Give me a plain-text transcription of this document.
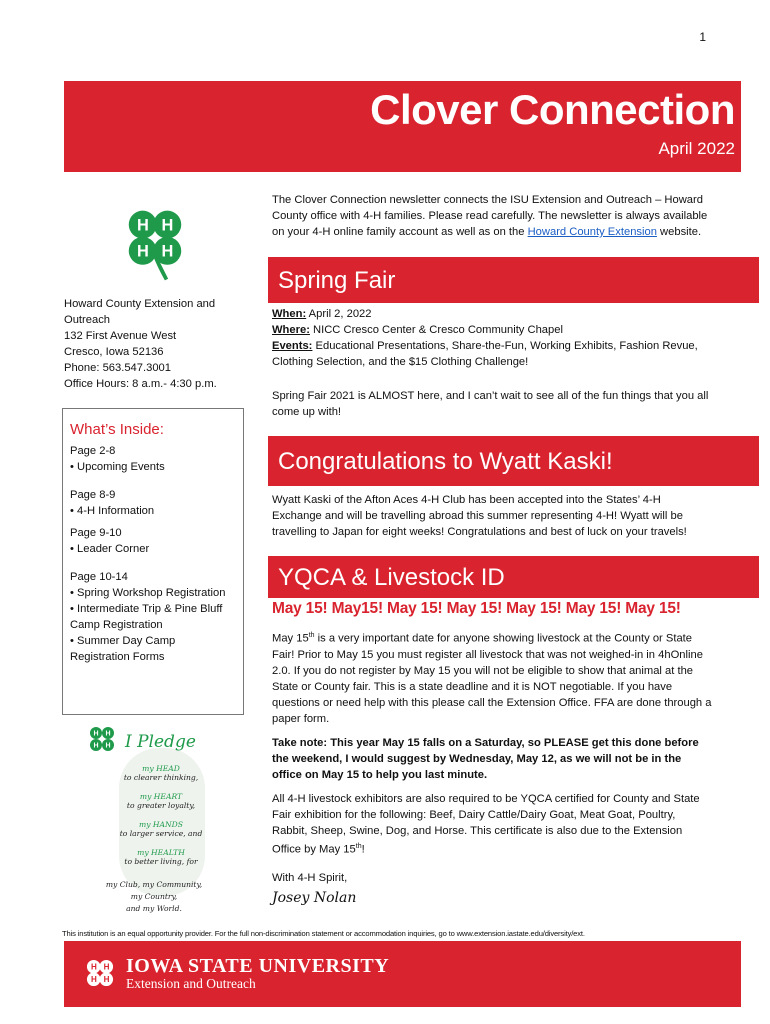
1
Clover Connection
April 2022
The Clover Connection newsletter connects the ISU Extension and Outreach – Howard County office with 4-H families. Please read carefully. The newsletter is always available on your 4-H online family account as well as on the Howard County Extension website.
H H
H H
Howard County Extension and Outreach
132 First Avenue West
Cresco, Iowa 52136
Phone: 563.547.3001
Office Hours: 8 a.m.- 4:30 p.m.
What’s Inside:
Page 2-8
• Upcoming Events
Page 8-9
• 4-H Information
Page 9-10
• Leader Corner
Page 10-14
• Spring Workshop Registration
• Intermediate Trip & Pine Bluff Camp Registration
• Summer Day Camp Registration Forms
Spring Fair
When: April 2, 2022
Where: NICC Cresco Center & Cresco Community Chapel
Events: Educational Presentations, Share-the-Fun, Working Exhibits, Fashion Revue, Clothing Selection, and the $15 Clothing Challenge!
Spring Fair 2021 is ALMOST here, and I can’t wait to see all of the fun things that you all come up with!
Congratulations to Wyatt Kaski!
Wyatt Kaski of the Afton Aces 4-H Club has been accepted into the States’ 4-H Exchange and will be travelling abroad this summer representing 4-H! Wyatt will be travelling to Japan for eight weeks! Congratulations and best of luck on your travels!
YQCA & Livestock ID
May 15! May15! May 15! May 15! May 15! May 15! May 15!
May 15th is a very important date for anyone showing livestock at the County or State Fair! Prior to May 15 you must register all livestock that was not weighed-in in 4hOnline 2.0. If you do not register by May 15 you will not be eligible to show that animal at the State or County fair. This is a state deadline and it is NOT negotiable. If you have questions or need help with this please call the Extension Office. FFA are done through a paper form.
Take note: This year May 15 falls on a Saturday, so PLEASE get this done before the weekend, I would suggest by Wednesday, May 12, as we will not be in the office on May 15 to help you last minute.
All 4-H livestock exhibitors are also required to be YQCA certified for County and State Fair exhibition for the following: Beef, Dairy Cattle/Dairy Goat, Meat Goat, Poultry, Rabbit, Sheep, Swine, Dog, and Horse. This certificate is also due to the Extension Office by May 15th!
With 4-H Spirit,
Josey Nolan
H H
H H I Pledge
my HEAD
to clearer thinking,
my HEART
to greater loyalty,
my HANDS
to larger service, and
my HEALTH
to better living, for
my Club, my Community,
my Country,
and my World.
This institution is an equal opportunity provider. For the full non-discrimination statement or accommodation inquiries, go to www.extension.iastate.edu/diversity/ext.
H H
H H
IOWA STATE UNIVERSITY
Extension and Outreach
